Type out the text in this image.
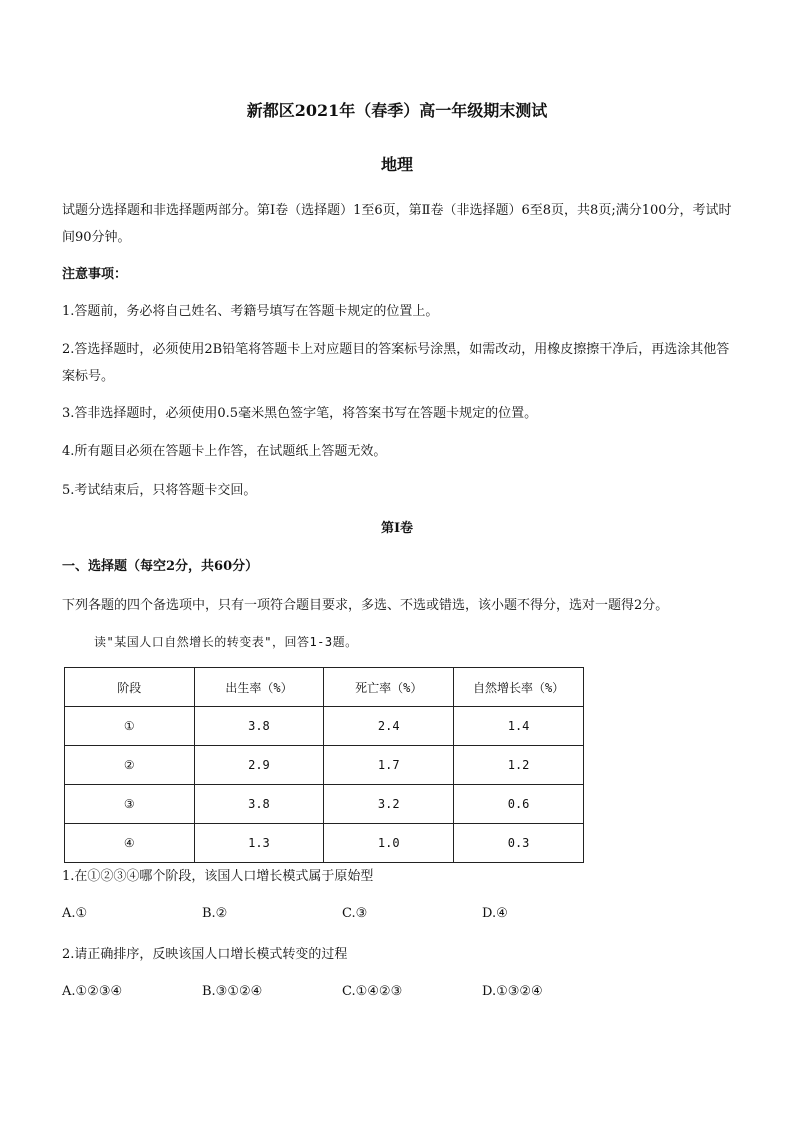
新都区2021年（春季）高一年级期末测试
地理
试题分选择题和非选择题两部分。第Ⅰ卷（选择题）1至6页，第Ⅱ卷（非选择题）6至8页，共8页;满分100分，考试时间90分钟。
注意事项：
1.答题前，务必将自己姓名、考籍号填写在答题卡规定的位置上。
2.答选择题时，必须使用2B铅笔将答题卡上对应题目的答案标号涂黑，如需改动，用橡皮擦擦干净后，再选涂其他答案标号。
3.答非选择题时，必须使用0.5毫米黑色签字笔，将答案书写在答题卡规定的位置。
4.所有题目必须在答题卡上作答，在试题纸上答题无效。
5.考试结束后，只将答题卡交回。
第Ⅰ卷
一、选择题（每空2分，共60分）
下列各题的四个备选项中，只有一项符合题目要求，多选、不选或错选，该小题不得分，选对一题得2分。
读"某国人口自然增长的转变表"，回答1-3题。
阶段	出生率（%）	死亡率（%）	自然增长率（%）
①	3.8	2.4	1.4
②	2.9	1.7	1.2
③	3.8	3.2	0.6
④	1.3	1.0	0.3
1.在①②③④哪个阶段，该国人口增长模式属于原始型
A.①	B.②	C.③	D.④
2.请正确排序，反映该国人口增长模式转变的过程
A.①②③④	B.③①②④	C.①④②③	D.①③②④
